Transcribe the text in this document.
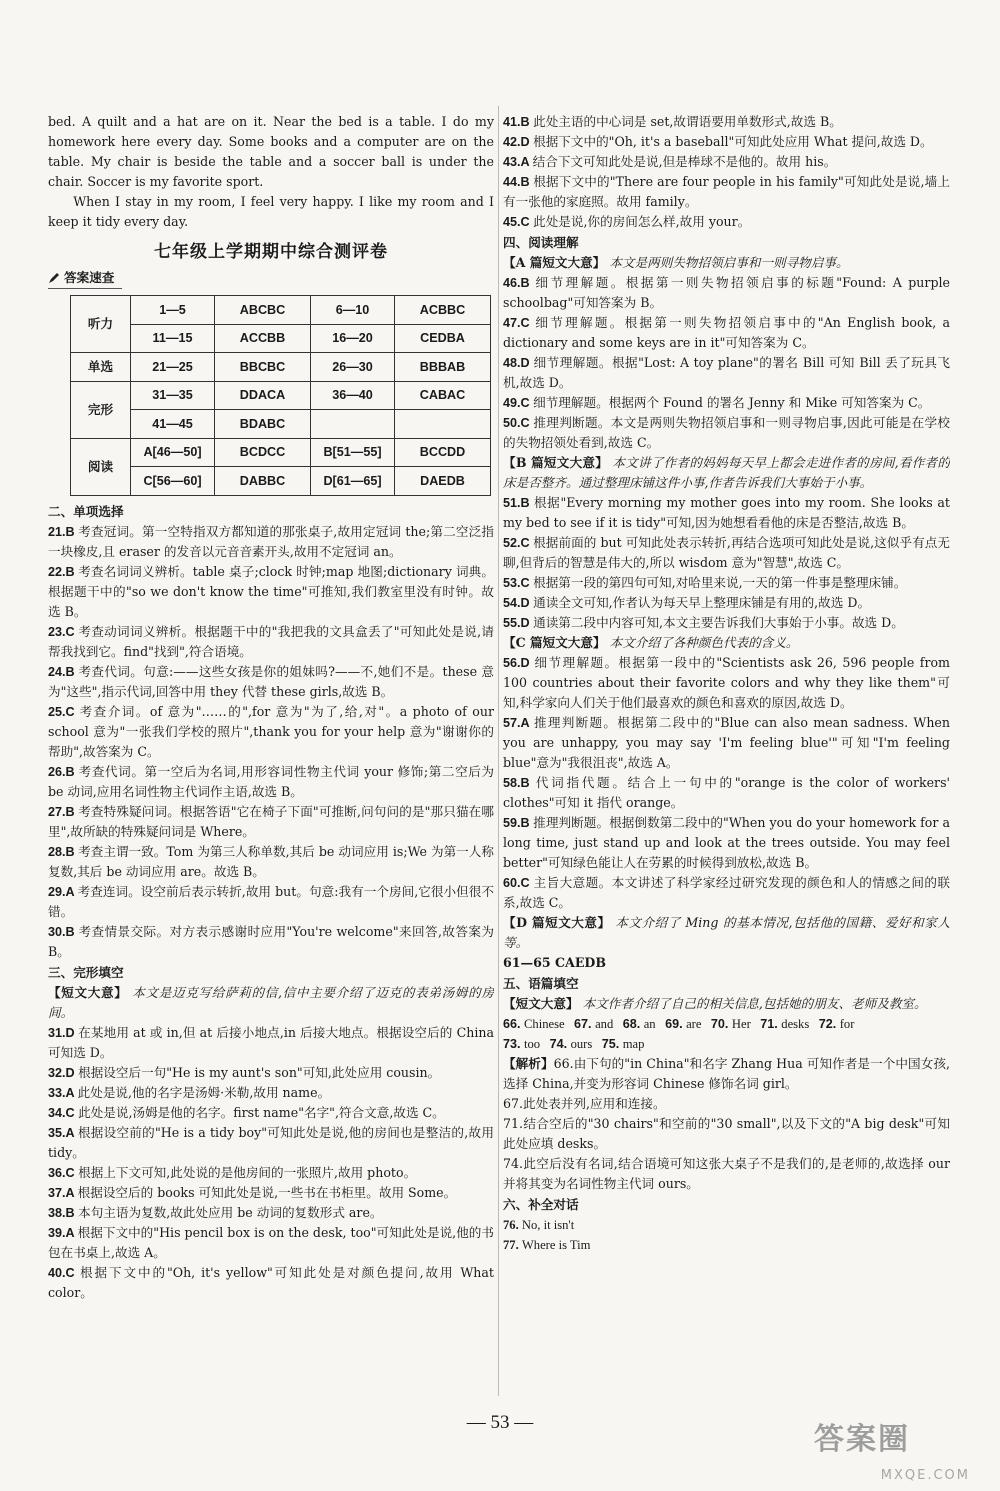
bed. A quilt and a hat are on it. Near the bed is a table. I do my homework here every day. Some books and a computer are on the table. My chair is beside the table and a soccer ball is under the chair. Soccer is my favorite sport.

When I stay in my room, I feel very happy. I like my room and I keep it tidy every day.

七年级上学期期中综合测评卷
答案速查
听力	1—5	ABCBC	6—10	ACBBC
	11—15	ACCBB	16—20	CEDBA
单选	21—25	BBCBC	26—30	BBBAB
完形	31—35	DDACA	36—40	CABAC
	41—45	BDABC		
阅读	A[46—50]	BCDCC	B[51—55]	BCCDD
	C[56—60]	DABBC	D[61—65]	DAEDB
二、单项选择

21.B 考查冠词。第一空特指双方都知道的那张桌子,故用定冠词 the;第二空泛指一块橡皮,且 eraser 的发音以元音音素开头,故用不定冠词 an。

22.B 考查名词词义辨析。table 桌子;clock 时钟;map 地图;dictionary 词典。根据题干中的"so we don't know the time"可推知,我们教室里没有时钟。故选 B。

23.C 考查动词词义辨析。根据题干中的"我把我的文具盒丢了"可知此处是说,请帮我找到它。find"找到",符合语境。

24.B 考查代词。句意:——这些女孩是你的姐妹吗?——不,她们不是。these 意为"这些",指示代词,回答中用 they 代替 these girls,故选 B。

25.C 考查介词。of 意为"……的",for 意为"为了,给,对"。a photo of our school 意为"一张我们学校的照片",thank you for your help 意为"谢谢你的帮助",故答案为 C。

26.B 考查代词。第一空后为名词,用形容词性物主代词 your 修饰;第二空后为 be 动词,应用名词性物主代词作主语,故选 B。

27.B 考查特殊疑问词。根据答语"它在椅子下面"可推断,问句问的是"那只猫在哪里",故所缺的特殊疑问词是 Where。

28.B 考查主谓一致。Tom 为第三人称单数,其后 be 动词应用 is;We 为第一人称复数,其后 be 动词应用 are。故选 B。

29.A 考查连词。设空前后表示转折,故用 but。句意:我有一个房间,它很小但很不错。

30.B 考查情景交际。对方表示感谢时应用"You're welcome"来回答,故答案为 B。

三、完形填空

【短文大意】 本文是迈克写给萨莉的信,信中主要介绍了迈克的表弟汤姆的房间。

31.D 在某地用 at 或 in,但 at 后接小地点,in 后接大地点。根据设空后的 China 可知选 D。

32.D 根据设空后一句"He is my aunt's son"可知,此处应用 cousin。

33.A 此处是说,他的名字是汤姆·米勒,故用 name。

34.C 此处是说,汤姆是他的名字。first name"名字",符合文意,故选 C。

35.A 根据设空前的"He is a tidy boy"可知此处是说,他的房间也是整洁的,故用 tidy。

36.C 根据上下文可知,此处说的是他房间的一张照片,故用 photo。

37.A 根据设空后的 books 可知此处是说,一些书在书柜里。故用 Some。

38.B 本句主语为复数,故此处应用 be 动词的复数形式 are。

39.A 根据下文中的"His pencil box is on the desk, too"可知此处是说,他的书包在书桌上,故选 A。

40.C 根据下文中的"Oh, it's yellow"可知此处是对颜色提问,故用 What color。

41.B 此处主语的中心词是 set,故谓语要用单数形式,故选 B。

42.D 根据下文中的"Oh, it's a baseball"可知此处应用 What 提问,故选 D。

43.A 结合下文可知此处是说,但是棒球不是他的。故用 his。

44.B 根据下文中的"There are four people in his family"可知此处是说,墙上有一张他的家庭照。故用 family。

45.C 此处是说,你的房间怎么样,故用 your。

四、阅读理解

【A 篇短文大意】 本文是两则失物招领启事和一则寻物启事。

46.B 细节理解题。根据第一则失物招领启事的标题"Found: A purple schoolbag"可知答案为 B。

47.C 细节理解题。根据第一则失物招领启事中的"An English book, a dictionary and some keys are in it"可知答案为 C。

48.D 细节理解题。根据"Lost: A toy plane"的署名 Bill 可知 Bill 丢了玩具飞机,故选 D。

49.C 细节理解题。根据两个 Found 的署名 Jenny 和 Mike 可知答案为 C。

50.C 推理判断题。本文是两则失物招领启事和一则寻物启事,因此可能是在学校的失物招领处看到,故选 C。

【B 篇短文大意】 本文讲了作者的妈妈每天早上都会走进作者的房间,看作者的床是否整齐。通过整理床铺这件小事,作者告诉我们大事始于小事。

51.B 根据"Every morning my mother goes into my room. She looks at my bed to see if it is tidy"可知,因为她想看看他的床是否整洁,故选 B。

52.C 根据前面的 but 可知此处表示转折,再结合选项可知此处是说,这似乎有点无聊,但背后的智慧是伟大的,所以 wisdom 意为"智慧",故选 C。

53.C 根据第一段的第四句可知,对哈里来说,一天的第一件事是整理床铺。

54.D 通读全文可知,作者认为每天早上整理床铺是有用的,故选 D。

55.D 通读第二段中内容可知,本文主要告诉我们大事始于小事。故选 D。

【C 篇短文大意】 本文介绍了各种颜色代表的含义。

56.D 细节理解题。根据第一段中的"Scientists ask 26, 596 people from 100 countries about their favorite colors and why they like them"可知,科学家向人们关于他们最喜欢的颜色和喜欢的原因,故选 D。

57.A 推理判断题。根据第二段中的"Blue can also mean sadness. When you are unhappy, you may say 'I'm feeling blue'"可知"I'm feeling blue"意为"我很沮丧",故选 A。

58.B 代词指代题。结合上一句中的"orange is the color of workers' clothes"可知 it 指代 orange。

59.B 推理判断题。根据倒数第二段中的"When you do your homework for a long time, just stand up and look at the trees outside. You may feel better"可知绿色能让人在劳累的时候得到放松,故选 B。

60.C 主旨大意题。本文讲述了科学家经过研究发现的颜色和人的情感之间的联系,故选 C。

【D 篇短文大意】 本文介绍了 Ming 的基本情况,包括他的国籍、爱好和家人等。

61—65 CAEDB
五、语篇填空

【短文大意】 本文作者介绍了自己的相关信息,包括她的朋友、老师及教室。

66. Chinese   67. and   68. an   69. are   70. Her   71. desks   72. for
73. too   74. ours   75. map

【解析】66.由下句的"in China"和名字 Zhang Hua 可知作者是一个中国女孩,选择 China,并变为形容词 Chinese 修饰名词 girl。

67.此处表并列,应用和连接。

71.结合空后的"30 chairs"和空前的"30 small",以及下文的"A big desk"可知此处应填 desks。

74.此空后没有名词,结合语境可知这张大桌子不是我们的,是老师的,故选择 our 并将其变为名词性物主代词 ours。

六、补全对话
76. No, it isn't
77. Where is Tim
— 53 —	答案圈
MXQE.COM
